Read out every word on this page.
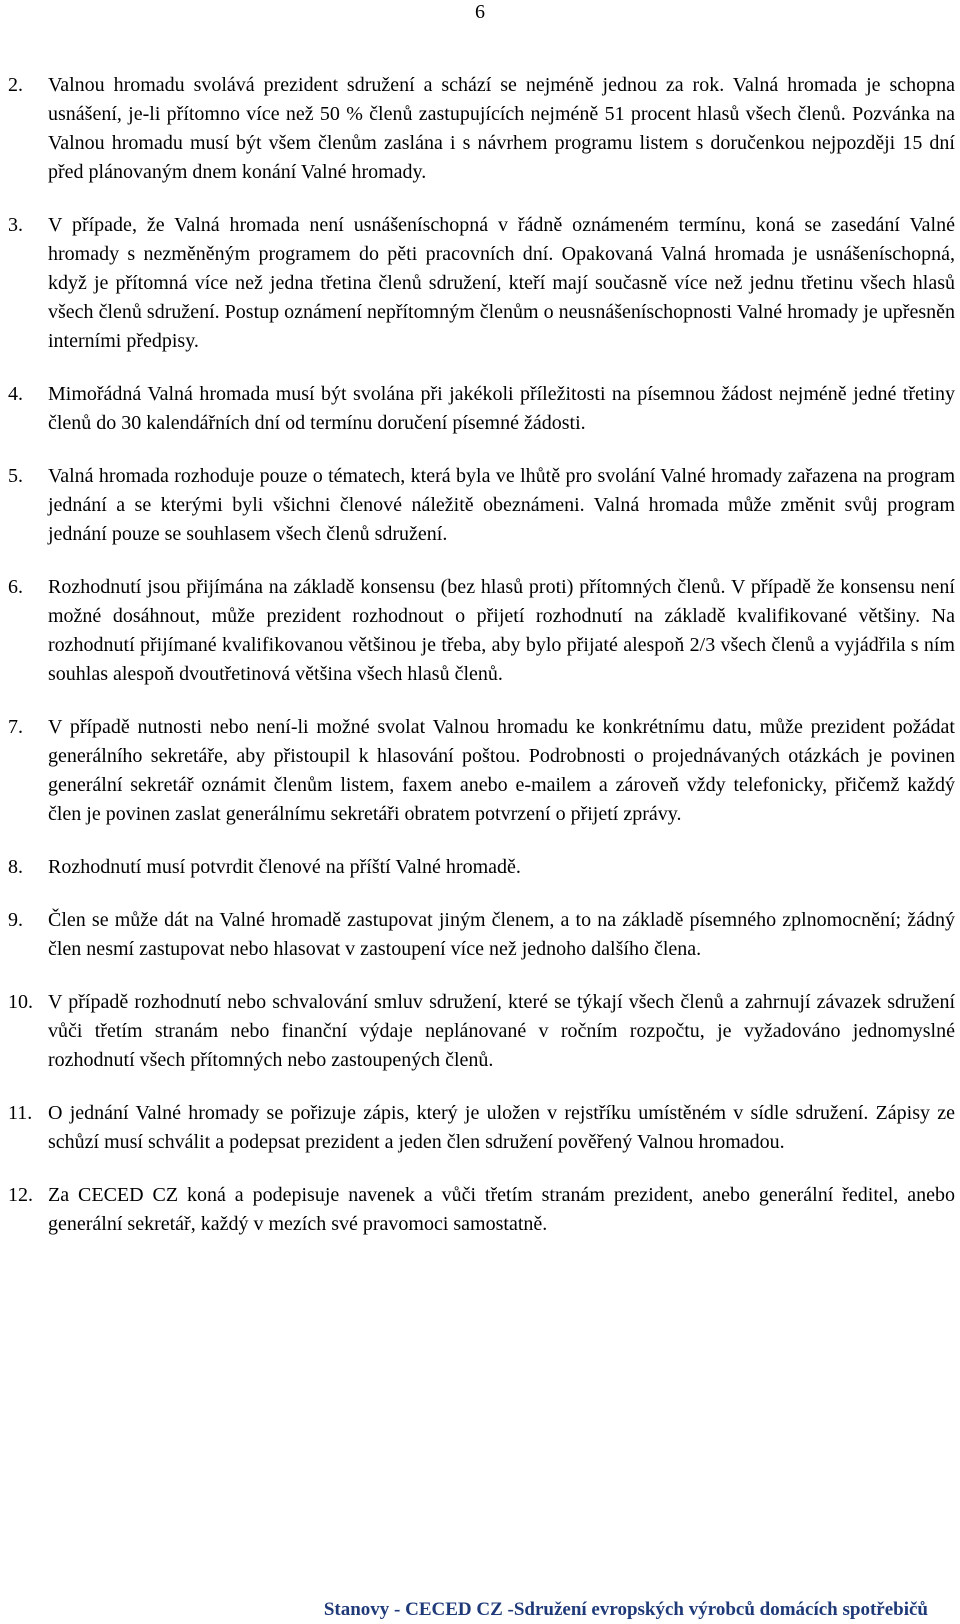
6
2. Valnou hromadu svolává prezident sdružení a schází se nejméně jednou za rok. Valná hromada je schopna usnášení, je-li přítomno více než 50 % členů zastupujících nejméně 51 procent hlasů všech členů. Pozvánka na Valnou hromadu musí být všem členům zaslána i s návrhem programu listem s doručenkou nejpozději 15 dní před plánovaným dnem konání Valné hromady.
3. V případe, že Valná hromada není usnášeníschopná v řádně oznámeném termínu, koná se zasedání Valné hromady s nezměněným programem do pěti pracovních dní. Opakovaná Valná hromada je usnášeníschopná, když je přítomná více než jedna třetina členů sdružení, kteří mají současně více než jednu třetinu všech hlasů všech členů sdružení. Postup oznámení nepřítomným členům o neusnášeníschopnosti Valné hromady je upřesněn interními předpisy.
4. Mimořádná Valná hromada musí být svolána při jakékoli příležitosti na písemnou žádost nejméně jedné třetiny členů do 30 kalendářních dní od termínu doručení písemné žádosti.
5. Valná hromada rozhoduje pouze o tématech, která byla ve lhůtě pro svolání Valné hromady zařazena na program jednání a se kterými byli všichni členové náležitě obeznámeni. Valná hromada může změnit svůj program jednání pouze se souhlasem všech členů sdružení.
6. Rozhodnutí jsou přijímána na základě konsensu (bez hlasů proti) přítomných členů. V případě že konsensu není možné dosáhnout, může prezident rozhodnout o přijetí rozhodnutí na základě kvalifikované většiny. Na rozhodnutí přijímané kvalifikovanou většinou je třeba, aby bylo přijaté alespoň 2/3 všech členů a vyjádřila s ním souhlas alespoň dvoutřetinová většina všech hlasů členů.
7. V případě nutnosti nebo není-li možné svolat Valnou hromadu ke konkrétnímu datu, může prezident požádat generálního sekretáře, aby přistoupil k hlasování poštou. Podrobnosti o projednávaných otázkách je povinen generální sekretář oznámit členům listem, faxem anebo e-mailem a zároveň vždy telefonicky, přičemž každý člen je povinen zaslat generálnímu sekretáři obratem potvrzení o přijetí zprávy.
8. Rozhodnutí musí potvrdit členové na příští Valné hromadě.
9. Člen se může dát na Valné hromadě zastupovat jiným členem, a to na základě písemného zplnomocnění; žádný člen nesmí zastupovat nebo hlasovat v zastoupení více než jednoho dalšího člena.
10. V případě rozhodnutí nebo schvalování smluv sdružení, které se týkají všech členů a zahrnují závazek sdružení vůči třetím stranám nebo finanční výdaje neplánované v ročním rozpočtu, je vyžadováno jednomyslné rozhodnutí všech přítomných nebo zastoupených členů.
11. O jednání Valné hromady se pořizuje zápis, který je uložen v rejstříku umístěném v sídle sdružení. Zápisy ze schůzí musí schválit a podepsat prezident a jeden člen sdružení pověřený Valnou hromadou.
12. Za CECED CZ koná a podepisuje navenek a vůči třetím stranám prezident, anebo generální ředitel, anebo generální sekretář, každý v mezích své pravomoci samostatně.
Stanovy - CECED CZ -Sdružení evropských výrobců domácích spotřebičů
